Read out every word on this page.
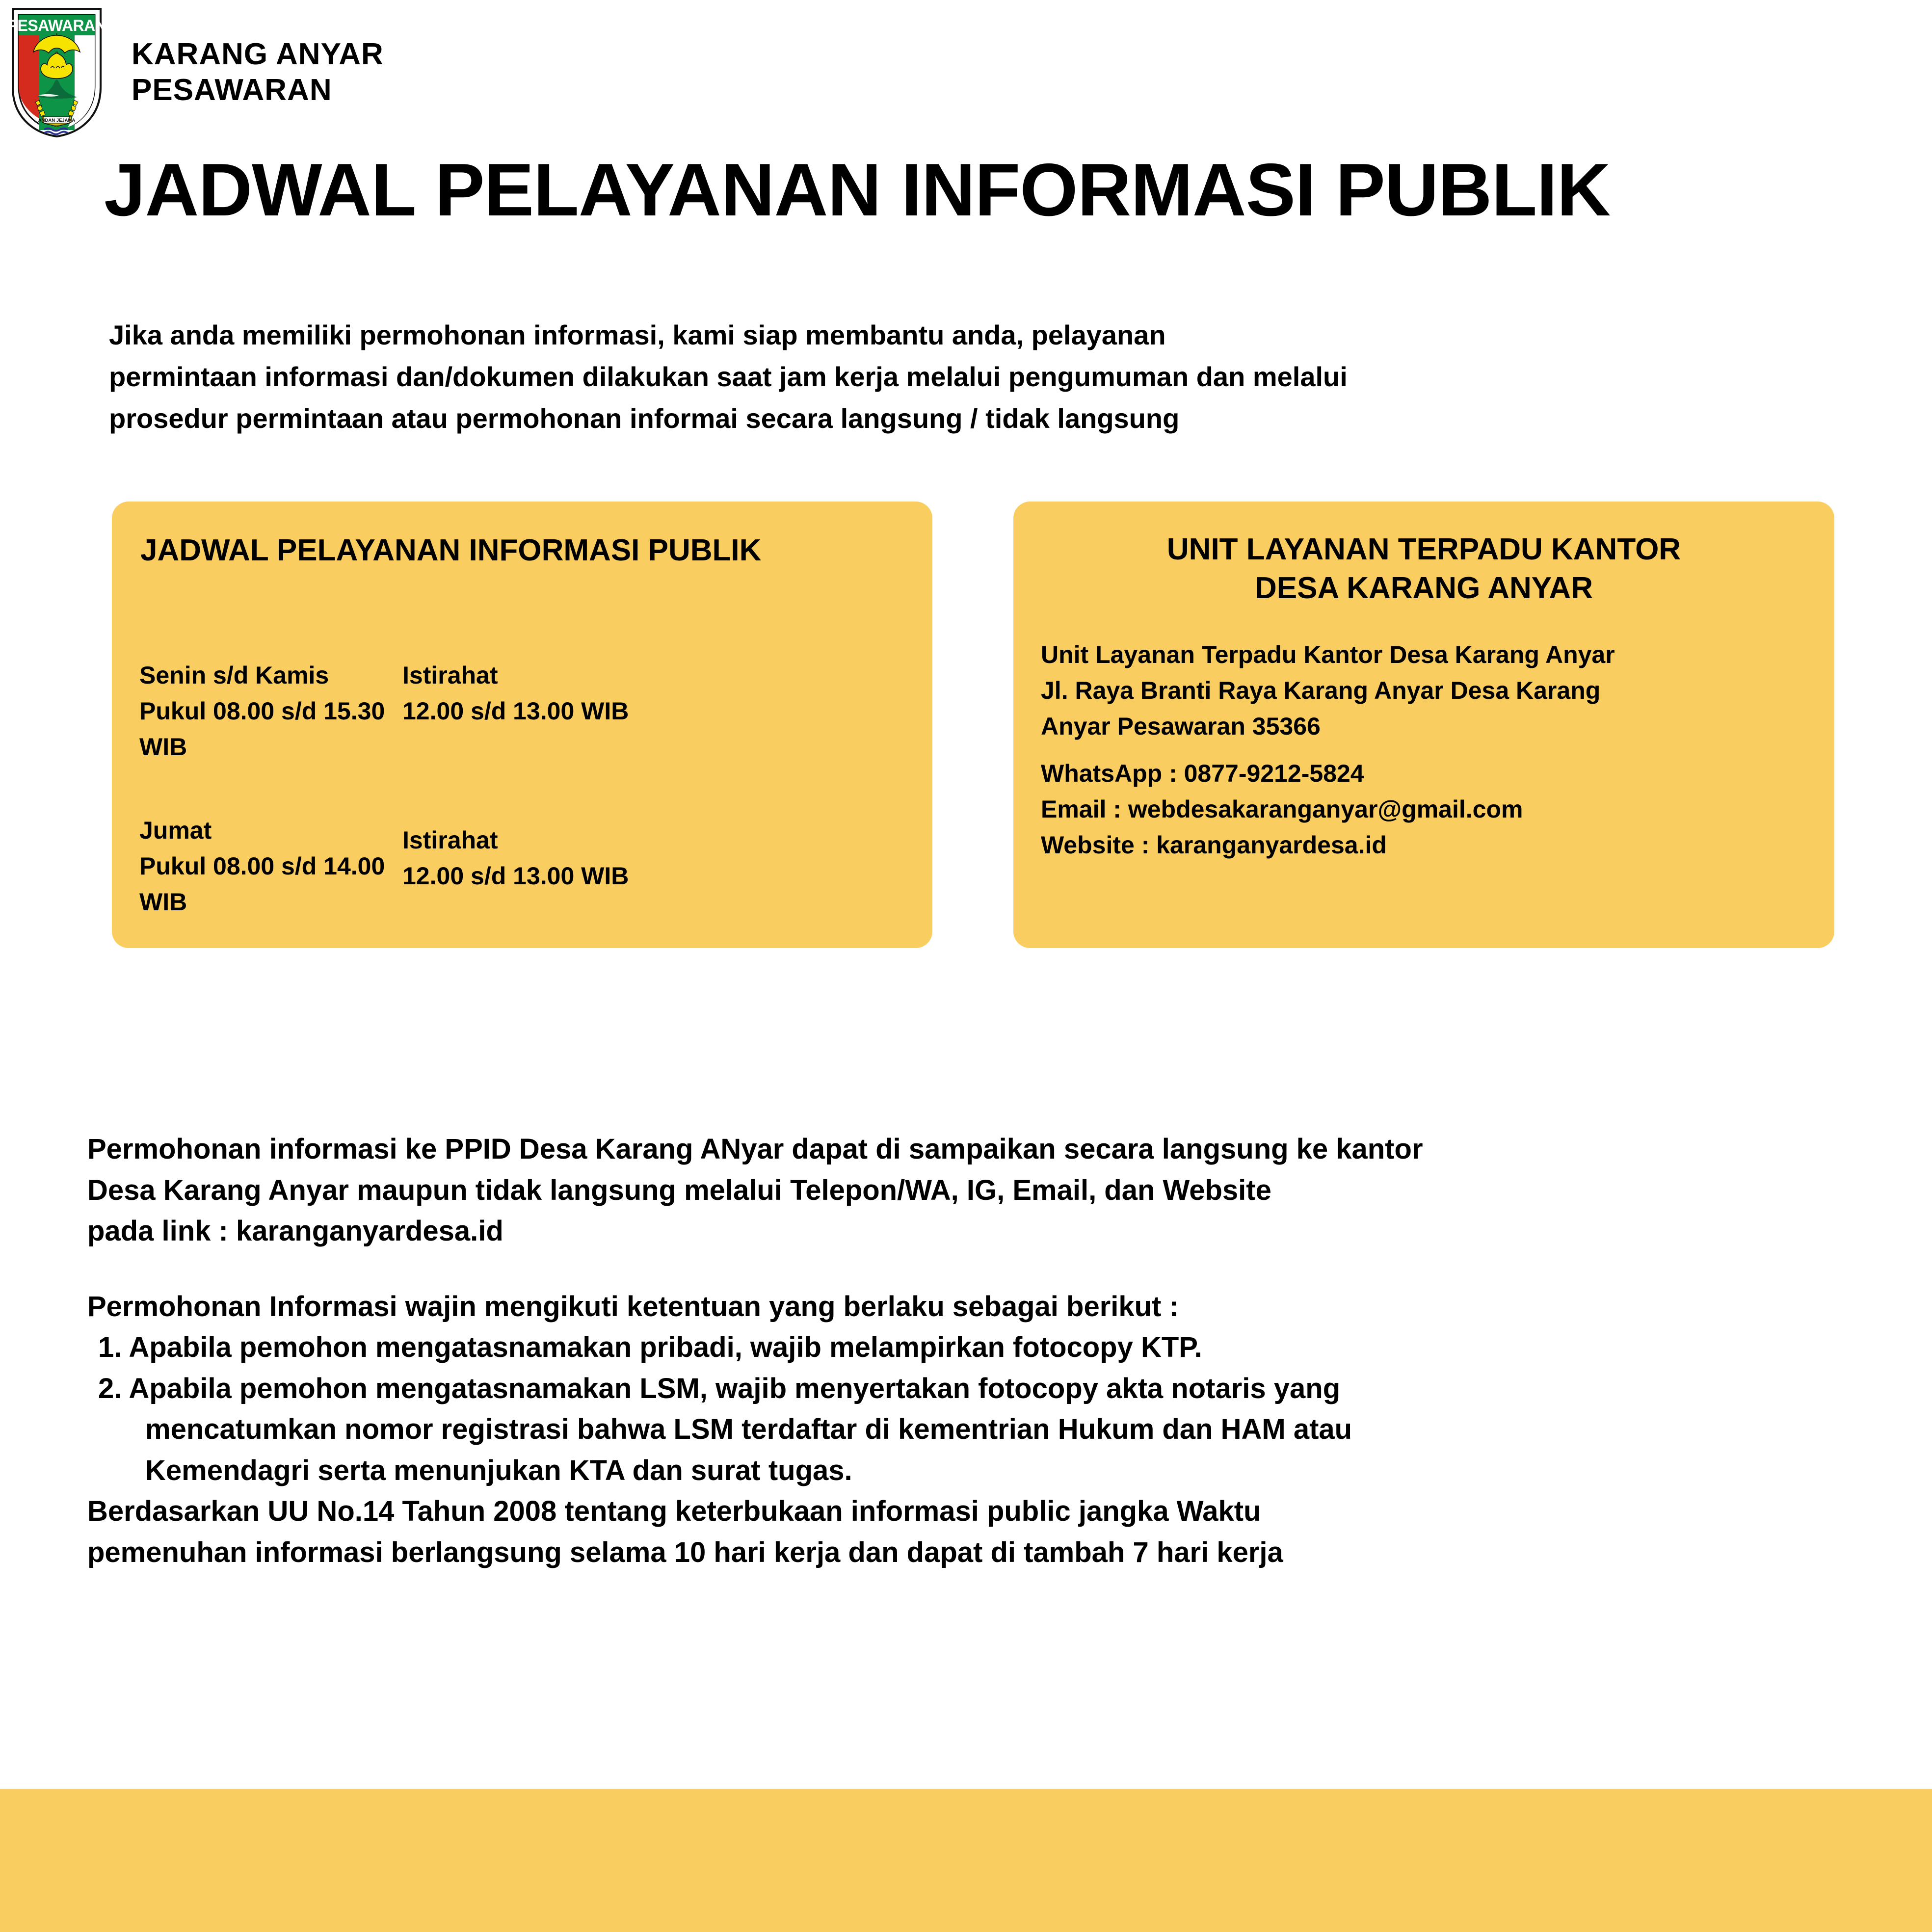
PESAWARAN
ANDAN JEJAMA
KARANG ANYAR
PESAWARAN
JADWAL PELAYANAN INFORMASI PUBLIK
Jika anda memiliki permohonan informasi, kami siap membantu anda, pelayanan
permintaan informasi dan/dokumen dilakukan saat jam kerja melalui pengumuman dan melalui
prosedur permintaan atau permohonan informai secara langsung / tidak langsung
JADWAL PELAYANAN INFORMASI PUBLIK
Senin s/d Kamis
Pukul 08.00 s/d 15.30 WIB
Istirahat
12.00 s/d 13.00 WIB
Jumat
Pukul 08.00 s/d 14.00 WIB
Istirahat
12.00 s/d 13.00 WIB
UNIT LAYANAN TERPADU KANTOR
DESA KARANG ANYAR
Unit Layanan Terpadu Kantor Desa Karang Anyar
Jl. Raya Branti Raya Karang Anyar Desa Karang
Anyar Pesawaran 35366
WhatsApp : 0877-9212-5824
Email : webdesakaranganyar@gmail.com
Website : karanganyardesa.id
Permohonan informasi ke PPID Desa Karang ANyar dapat di sampaikan secara langsung ke kantor
Desa Karang Anyar maupun tidak langsung melalui Telepon/WA, IG, Email, dan Website
pada link : karanganyardesa.id
Permohonan Informasi wajin mengikuti ketentuan yang berlaku sebagai berikut :
1. Apabila pemohon mengatasnamakan pribadi, wajib melampirkan fotocopy KTP.
2. Apabila pemohon mengatasnamakan LSM, wajib menyertakan fotocopy akta notaris yang
mencatumkan nomor registrasi bahwa LSM terdaftar di kementrian Hukum dan HAM atau
Kemendagri serta menunjukan KTA dan surat tugas.
Berdasarkan UU No.14 Tahun 2008 tentang keterbukaan informasi public jangka Waktu
pemenuhan informasi berlangsung selama 10 hari kerja dan dapat di tambah 7 hari kerja
